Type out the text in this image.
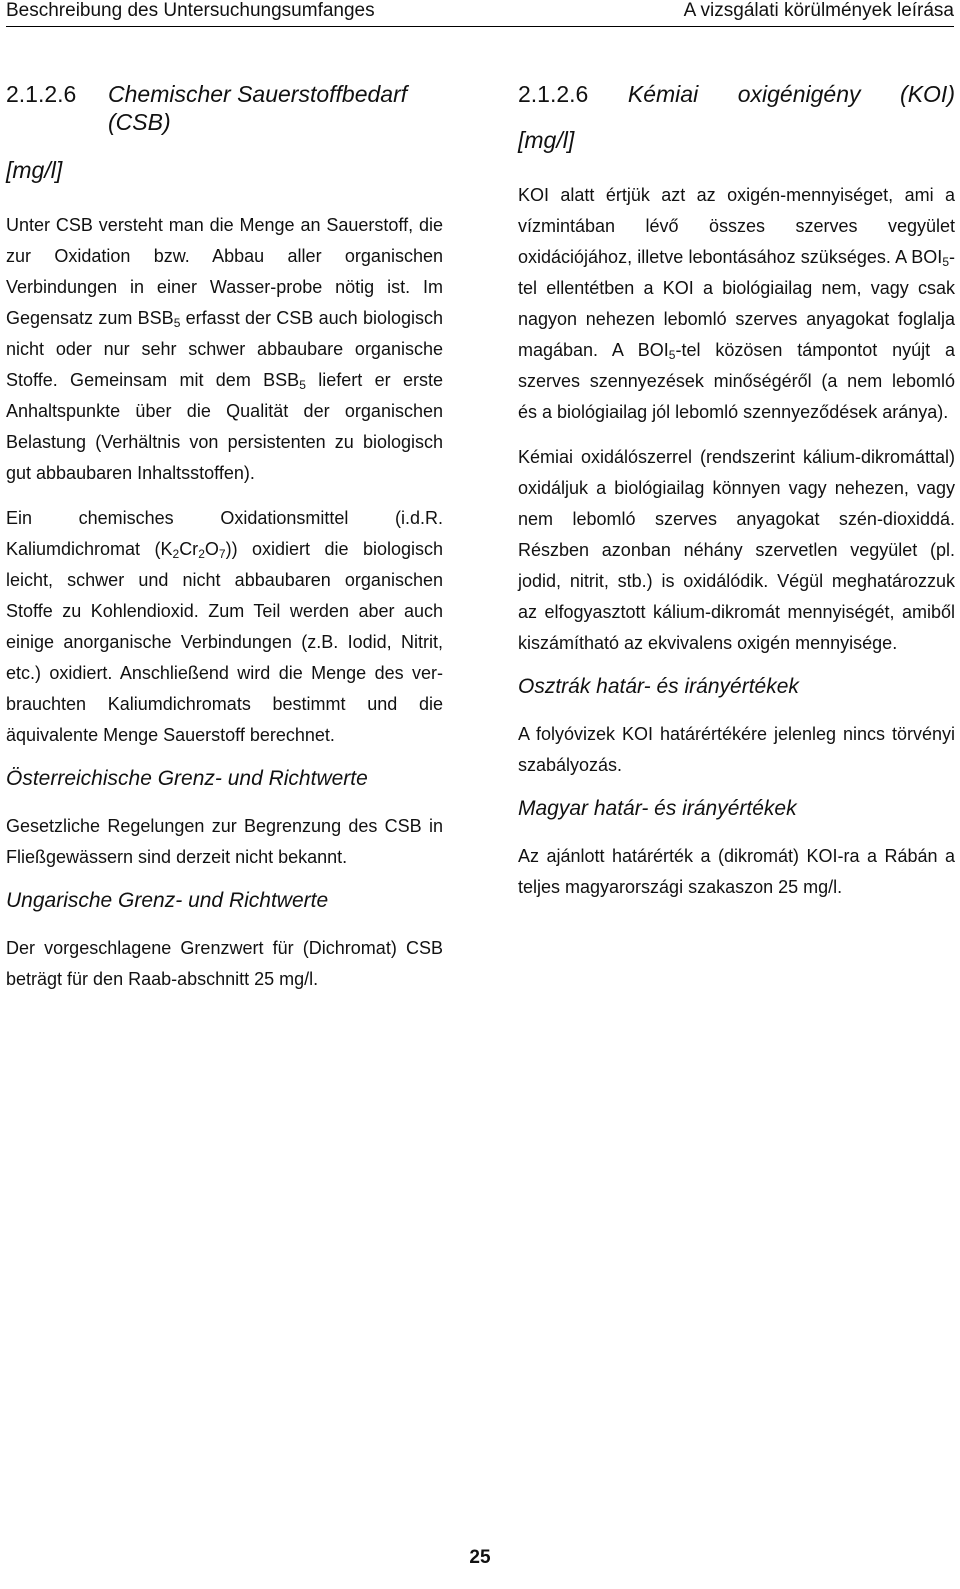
Beschreibung des Untersuchungsumfanges	A vizsgálati körülmények leírása
2.1.2.6	Chemischer Sauerstoffbedarf (CSB)
[mg/l]

Unter CSB versteht man die Menge an Sauerstoff, die zur Oxidation bzw. Abbau aller organischen Verbindungen in einer Wasser-probe nötig ist. Im Gegensatz zum $BSB_5$ erfasst der CSB auch biologisch nicht oder nur sehr schwer abbaubare organische Stoffe. Gemeinsam mit dem $BSB_5$ liefert er erste Anhaltspunkte über die Qualität der organischen Belastung (Verhältnis von persistenten zu biologisch gut abbaubaren Inhaltsstoffen).

Ein chemisches Oxidationsmittel (i.d.R. Kaliumdichromat $(K_2Cr_2O_7)$) oxidiert die biologisch leicht, schwer und nicht abbaubaren organischen Stoffe zu Kohlendioxid. Zum Teil werden aber auch einige anorganische Verbindungen (z.B. Iodid, Nitrit, etc.) oxidiert. Anschließend wird die Menge des ver-brauchten Kaliumdichromats bestimmt und die äquivalente Menge Sauerstoff berechnet.

Österreichische Grenz- und Richtwerte

Gesetzliche Regelungen zur Begrenzung des CSB in Fließgewässern sind derzeit nicht bekannt.

Ungarische Grenz- und Richtwerte

Der vorgeschlagene Grenzwert für (Dichromat) CSB beträgt für den Raab-abschnitt 25 mg/l.

2.1.2.6 Kémiai oxigénigény (KOI)
[mg/l]

KOI alatt értjük azt az oxigén-mennyiséget, ami a vízmintában lévő összes szerves vegyület oxidációjához, illetve lebontásához szükséges. A $BOI_5$-tel ellentétben a KOI a biológiailag nem, vagy csak nagyon nehezen lebomló szerves anyagokat foglalja magában. A $BOI_5$-tel közösen támpontot nyújt a szerves szennyezések minőségéről (a nem lebomló és a biológiailag jól lebomló szennyeződések aránya).

Kémiai oxidálószerrel (rendszerint kálium-dikromáttal) oxidáljuk a biológiailag könnyen vagy nehezen, vagy nem lebomló szerves anyagokat szén-dioxiddá. Részben azonban néhány szervetlen vegyület (pl. jodid, nitrit, stb.) is oxidálódik. Végül meghatározzuk az elfogyasztott kálium-dikromát mennyiségét, amiből kiszámítható az ekvivalens oxigén mennyisége.

Osztrák határ- és irányértékek

A folyóvizek KOI határértékére jelenleg nincs törvényi szabályozás.

Magyar határ- és irányértékek

Az ajánlott határérték a (dikromát) KOI-ra a Rábán a teljes magyarországi szakaszon 25 mg/l.

25
